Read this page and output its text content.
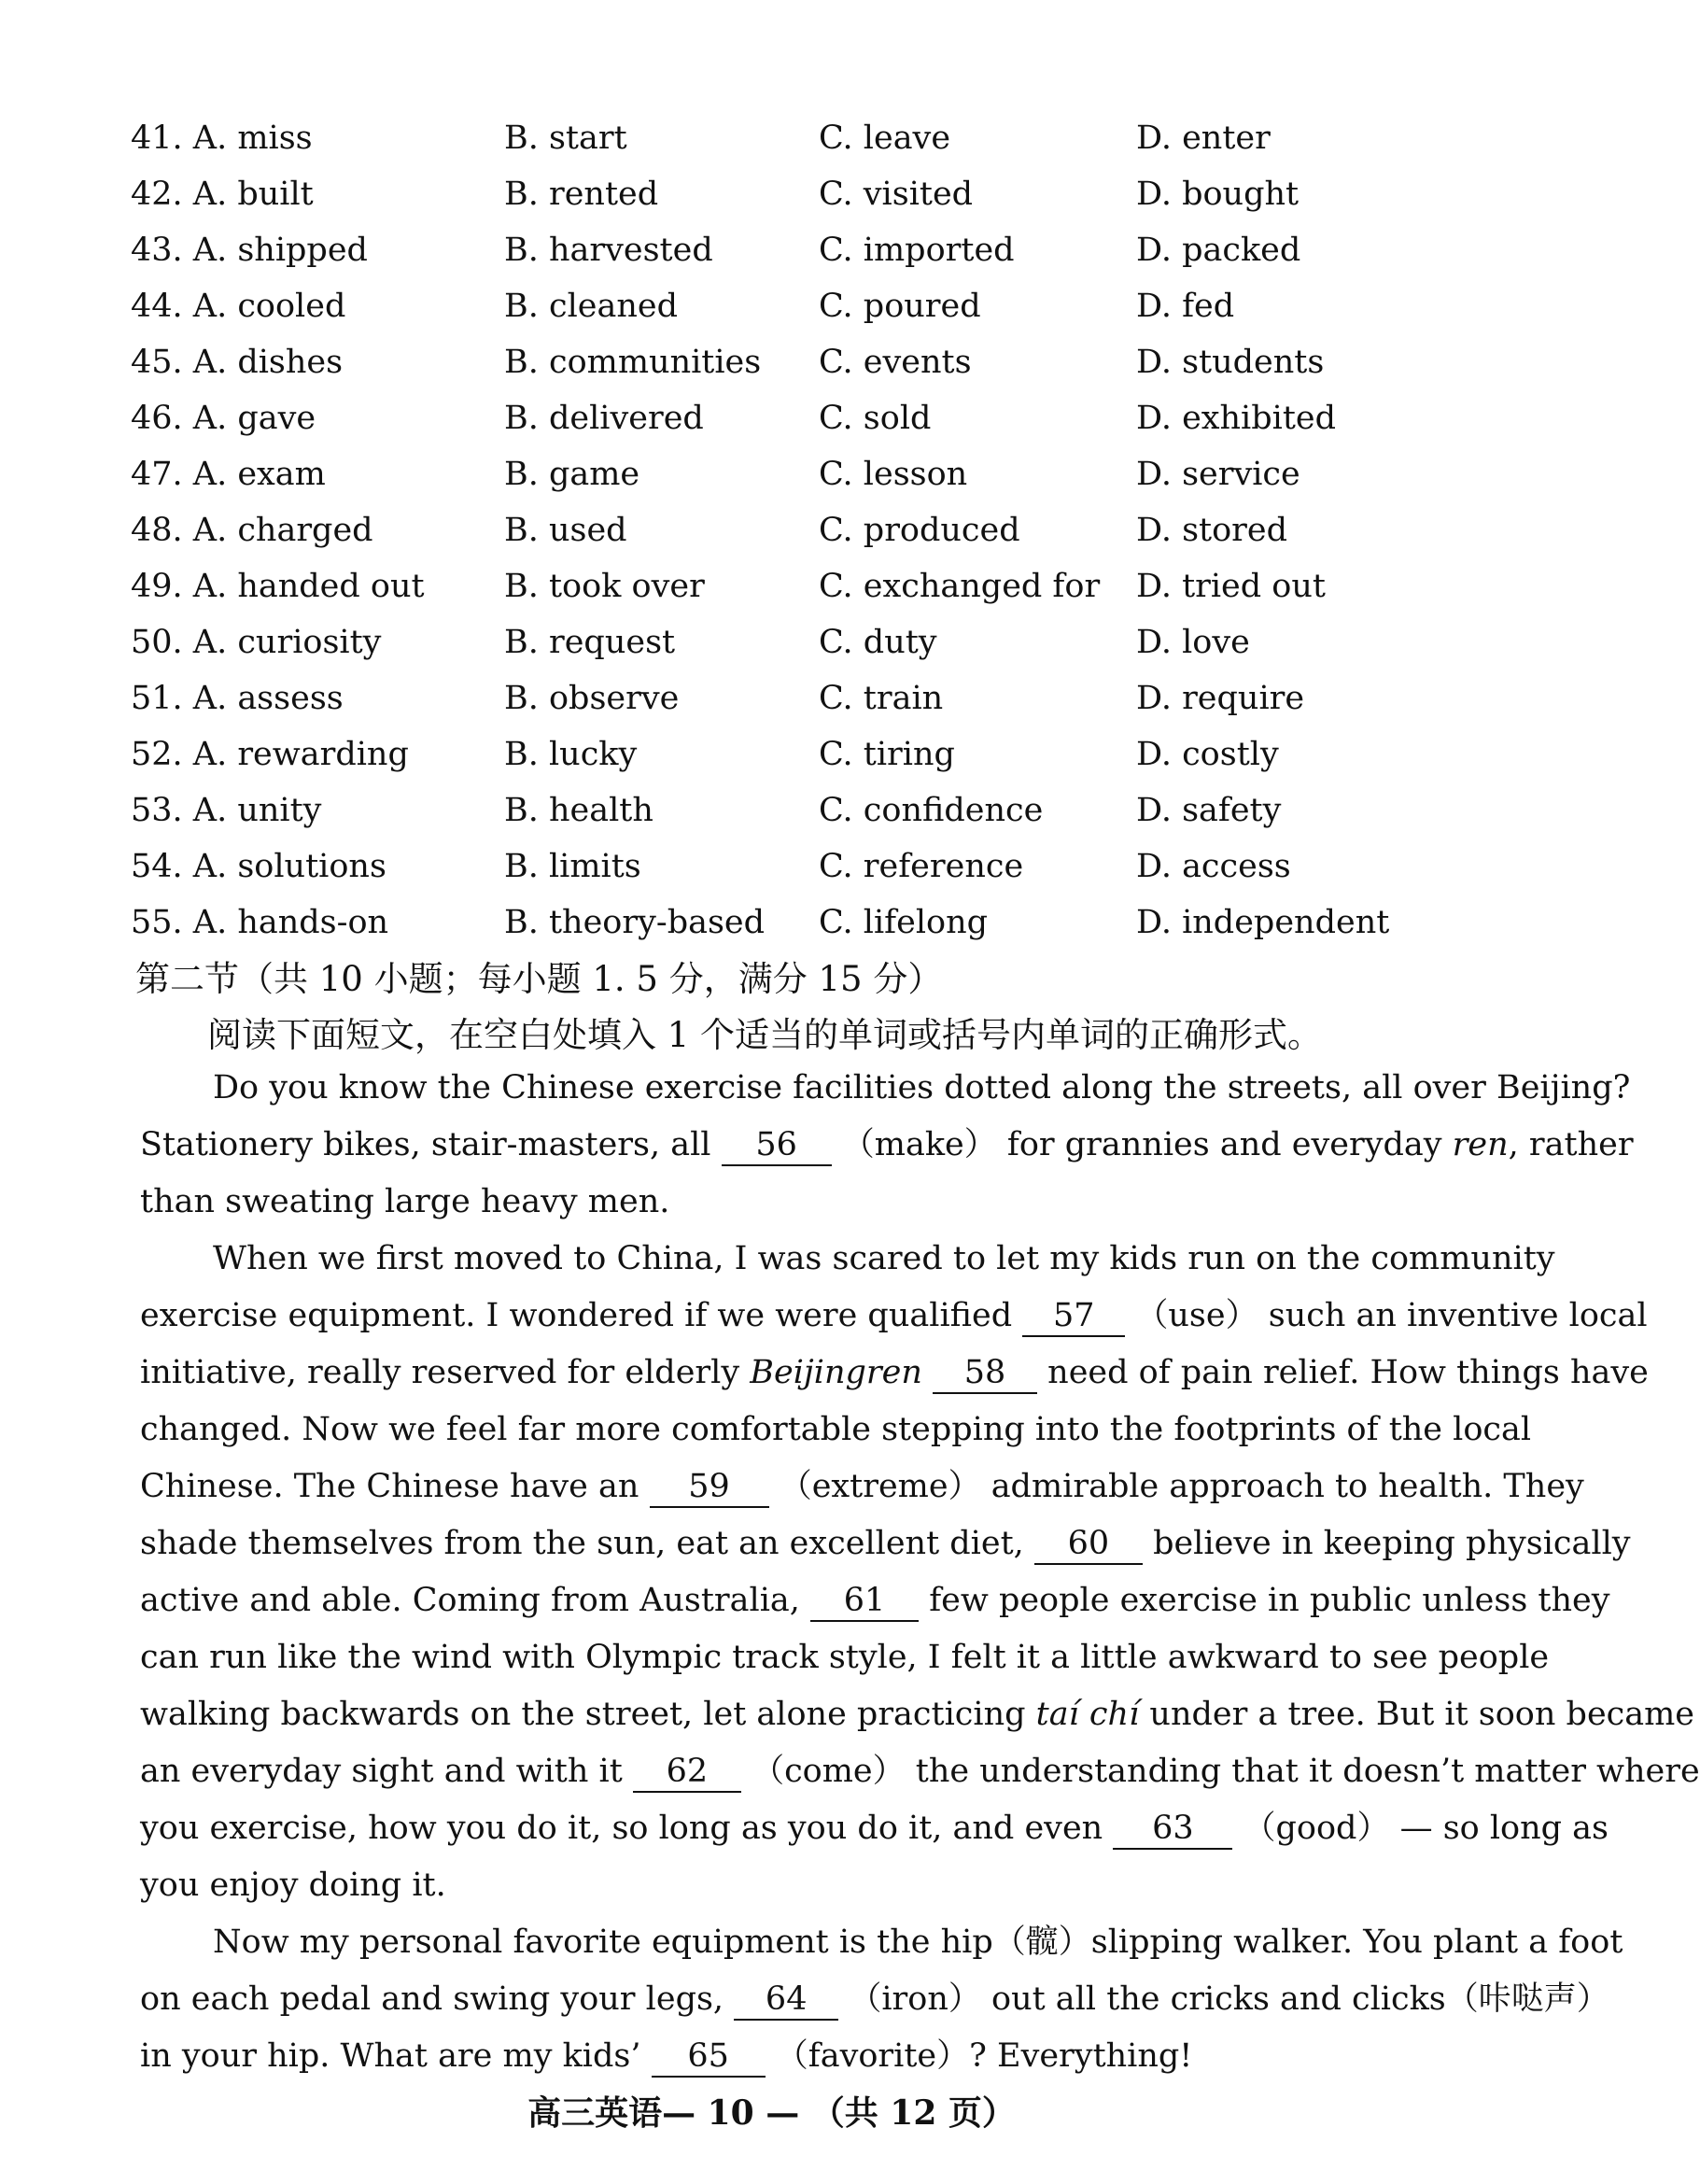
41. A. miss	B. start	C. leave	D. enter
42. A. built	B. rented	C. visited	D. bought
43. A. shipped	B. harvested	C. imported	D. packed
44. A. cooled	B. cleaned	C. poured	D. fed
45. A. dishes	B. communities C. events	D. students
46. A. gave	B. delivered	C. sold	D. exhibited
47. A. exam	B. game	C. lesson	D. service
48. A. charged	B. used	C. produced	D. stored
49. A. handed out B. took over	C. exchanged for D. tried out
50. A. curiosity	B. request	C. duty	D. love
51. A. assess	B. observe	C. train	D. require
52. A. rewarding	B. lucky	C. tiring	D. costly
53. A. unity	B. health	C. confidence	D. safety
54. A. solutions	B. limits	C. reference	D. access
55. A. hands-on	B. theory-based C. lifelong	D. independent
第二节（共 10 小题；每小题 1. 5 分，满分 15 分）
阅读下面短文，在空白处填入 1 个适当的单词或括号内单词的正确形式。
Do you know the Chinese exercise facilities dotted along the streets, all over Beijing?
Stationery bikes, stair-masters, all 56 （make） for grannies and everyday ren, rather
than sweating large heavy men.
When we first moved to China, I was scared to let my kids run on the community
exercise equipment. I wondered if we were qualified 57 （use） such an inventive local
initiative, really reserved for elderly Beijingren 58 need of pain relief. How things have
changed. Now we feel far more comfortable stepping into the footprints of the local
Chinese. The Chinese have an 59 （extreme） admirable approach to health. They
shade themselves from the sun, eat an excellent diet, 60 believe in keeping physically
active and able. Coming from Australia, 61 few people exercise in public unless they
can run like the wind with Olympic track style, I felt it a little awkward to see people
walking backwards on the street, let alone practicing taí chí under a tree. But it soon became
an everyday sight and with it 62 （come） the understanding that it doesn’t matter where
you exercise, how you do it, so long as you do it, and even 63 （good） — so long as
you enjoy doing it.
Now my personal favorite equipment is the hip（髋）slipping walker. You plant a foot
on each pedal and swing your legs, 64 （iron） out all the cricks and clicks（咔哒声）
in your hip. What are my kids’ 65 （favorite）? Everything!
高三英语— 10 — （共 12 页）
